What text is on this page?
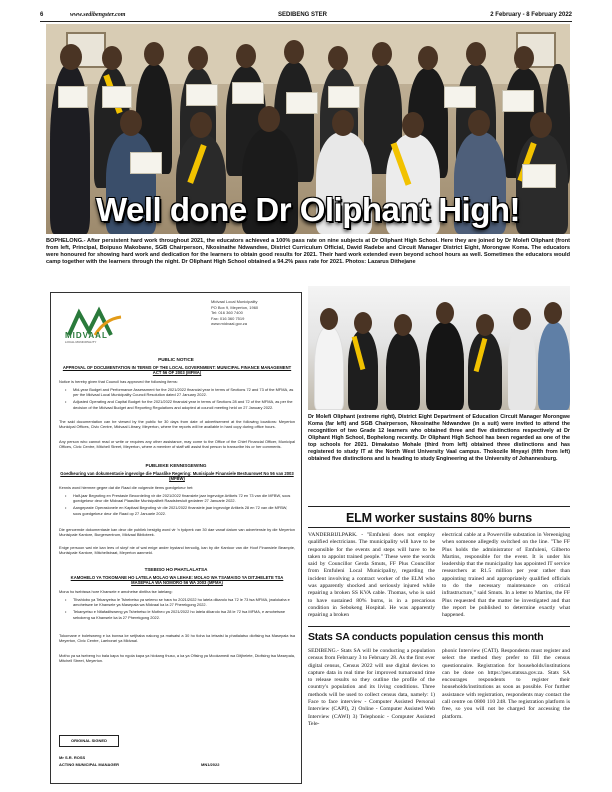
6	www.sedibengster.com	SEDIBENG STER	2 February - 8 February 2022
Well done Dr Oliphant High!
BOPHELONG.- After persistent hard work throughout 2021, the educators achieved a 100% pass rate on nine subjects at Dr Oliphant High School. Here they are joined by Dr Molefi Oliphant (front from left, Principal, Boipuso Makobane, SGB Chairperson, Nkosinathe Ndwandwe, District Curriculum Official, David Radebe and Circuit Manager District Eight, Morongwe Koma. The educators were honoured for showing hard work and dedication for the learners to obtain good results for 2021. Their hard work extended even beyond school hours as well. Sometimes the educators would camp together with the learners through the night. Dr Oliphant High School obtained a 94.2% pass rate for 2021. Photos: Lazarus Dithejane
MIDVAAL
LOCAL MUNICIPALITY
Midvaal Local Municipality
PO Box 9, Meyerton, 1960
Tel: 016 360 7400
Fax: 016 360 7519
www.midvaal.gov.za
PUBLIC NOTICE
APPROVAL OF DOCUMENTATION IN TERMS OF THE LOCAL GOVERNMENT: MUNICIPAL FINANCE MANAGEMENT ACT 56 OF 2003 (MFMA)
Notice is hereby given that Council has approved the following items:
• Mid-year Budget and Performance Assessment for the 2021/2022 financial year in terms of Sections 72 and 73 of the MFMA, as per the Midvaal Local Municipality Council Resolution dated 27 January 2022.
• Adjusted Operating and Capital Budget for the 2021/2022 financial year in terms of Sections 28 and 72 of the MFMA, as per the decision of the Midvaal Budget and Reporting Regulations and adopted at council meeting held on 27 January 2022.
The said documentation can be viewed by the public for 30 days from date of advertisement at the following locations: Meyerton Municipal Offices, Civic Centre, Midvaal Library, Meyerton, where the reports will be available in hard copy during office hours.
Any person who cannot read or write or requires any other assistance, may come to the Office of the Chief Financial Officer, Municipal Offices, Civic Centre, Mitchell Street, Meyerton, where a member of staff will assist that person to transcribe his or her comments.
PUBLIEKE KENNISGEWING
Goedkeuring van dokumentasie ingevolge die Plaaslike Regering: Munisipale Finansiele Bestuurswet No 56 van 2003 (MFBW)
Kennis word hiermee gegee dat die Raad die volgende items goedgekeur het:
• Half-jaar Begroting en Prestasie Beoordeling vir die 2021/2022 finansiele jaar ingevolge Artikels 72 en 73 van die MFBW, soos goedgekeur deur die Midvaal Plaaslike Munisipaliteit Raadsbesluit gedateer 27 Januarie 2022.
• Aangepaste Operasionele en Kapitaal Begroting vir die 2021/2022 finansiele jaar ingevolge Artikels 28 en 72 van die MFBW, soos goedgekeur deur die Raad op 27 Januarie 2022.
Die genoemde dokumentasie kan deur die publiek besigtig word vir 'n tydperk van 30 dae vanaf datum van advertensie by die Meyerton Munisipale Kantore, Burgersentrum, Midvaal Biblioteek.
Enige persoon wat nie kan lees of skryf nie of wat enige ander bystand benodig, kan by die Kantoor van die Hoof Finansiele Beampte, Munisipale Kantore, Mitchellstraat, Meyerton aanmeld.
TSEBISO HO PHATLALATSA
KAMOHELO YA TOKOMANE HO LATELA MOLAO WA LEHAE: MOLAO WA TSAMAISO YA DITJHELETE TSA MASEPALA WA NOMORO 56 WA 2003 (MFMA)
Mona ho tsebiswa hore Khansele e amohetse dintlha tse latelang:
• Tlhahlobo ya Tekanyetso le Tshebetso ya selemo se hara ho 2021/2022 ho latela dikarolo tsa 72 le 73 tsa MFMA, jwalokaha e amohetswe ke Khansele ya Masepala wa Midvaal ka la 27 Pherekgong 2022.
• Tekanyetso e Ntlafaditsweng ya Tshebetso le Motheo ya 2021/2022 ho latela dikarolo tsa 28 le 72 tsa MFMA, e amohetswe sebokeng sa Khansele ka la 27 Pherekgong 2022.
Tokomane e boletsweng e ka bonwa ke setjhaba nakong ya matsatsi a 30 ho tloha ka letsatsi la phatlalatso diofising tsa Masepala tsa Meyerton, Civic Centre, Laeborari ya Midvaal.
Motho ya sa tsebeng ho bala kapa ho ngola kapa ya hlokang thuso, a ka ya Ofising ya Mookamedi wa Ditjhelete, Diofising tsa Masepala, Mitchell Street, Meyerton.
ORIGINAL SIGNED
Mr S.R. ROSS
ACTING MUNICIPAL MANAGER	MN1/2022
Dr Molefi Oliphant (extreme right), District Eight Department of Education Circuit Manager Morongwe Koma (far left) and SGB Chairperson, Nkosinathe Ndwandwe (in a suit) were invited to attend the recognition of two Grade 12 learners who obtained three and five distinctions respectively at Dr Oliphant High School, Bophelong recently. Dr Oliphant High School has been regarded as one of the top schools for 2021. Dimakatso Mohale (third from left) obtained three distinctions and has registered to study IT at the North West University Vaal campus. Thokozile Mnyayi (fifth from left) obtained five distinctions and is heading to study Engineering at the University of Johannesburg.
ELM worker sustains 80% burns
VANDERBIJLPARK. - "Emfuleni does not employ qualified electricians. The municipality will have to be responsible for the events and steps will have to be taken to appoint trained people." These were the words said by Councillor Gerda Smuts, FF Plus Councillor from Emfuleni Local Municipality, regarding the incident involving a contract worker of the ELM who was apparently shocked and seriously injured while repairing a broken SS KVA cable. Thomas, who is said to have sustained 80% burns, is in a precarious condition in Sebokeng Hospital. He was apparently repairing a broken
electrical cable at a Powerville substation in Vereeniging when someone allegedly switched on the line. "The FF Plus holds the administrator of Emfuleni, Gilberto Martins, responsible for the event. It is under his leadership that the municipality has appointed IT service researchers at R1.5 million per year rather than appointing trained and appropriately qualified officials to do the necessary maintenance on critical infrastructure," said Smuts. In a letter to Martins, the FF Plus requested that the matter be investigated and that the report be published to determine exactly what happened.
Stats SA conducts population census this month
SEDIBENG.- Stats SA will be conducting a population census from February 3 to February 28. As the first ever digital census, Census 2022 will use digital devices to capture data in real time for improved turnaround time to release results so they outline the profile of the country's population and its living conditions. Three methods will be used to collect census data, namely: 1) Face to face interview - Computer Assisted Personal Interview (CAPI), 2) Online - Computer Assisted Web Interview (CAWI) 3) Telephonic - Computer Assisted Tele-
phonic Interview (CATI). Respondents must register and select the method they prefer to fill the census questionnaire. Registration for households/institutions can be done on https://pes.statssa.gov.za. Stats SA encourages respondents to register their households/institutions as soon as possible. For further assistance with registration, respondents may contact the call centre on 0800 110 248. The registration platform is free, so you will not be charged for accessing the platform.
